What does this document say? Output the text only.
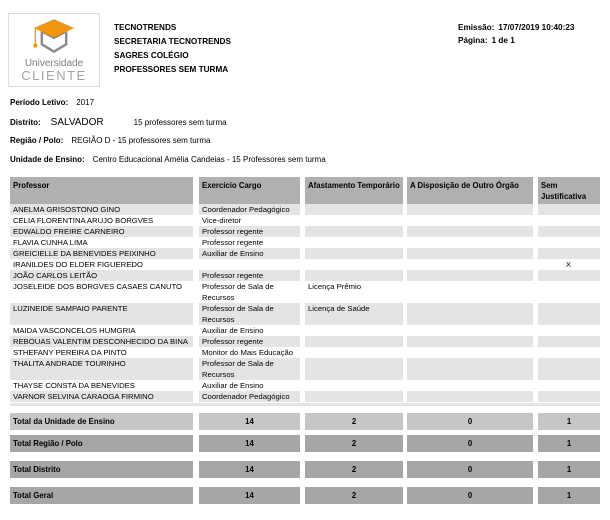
Universidade
CLIENTE
TECNOTRENDS
SECRETARIA TECNOTRENDS
SAGRES COLÉGIO
PROFESSORES SEM TURMA
Emissão: 17/07/2019 10:40:23
Página: 1 de 1
Período Letivo: 2017
Distrito: SALVADOR	15 professores sem turma
Região / Polo: REGIÃO D - 15 professores sem turma
Unidade de Ensino: Centro Educacional Amélia Candeias - 15 Professores sem turma
Professor	Exercício Cargo	Afastamento Temporário	A Disposição de Outro Órgão	Sem Justificativa
ANELMA GRISOSTONO GINO	Coordenador Pedagógico			
CELIA FLORENTINA ARUJO BORGVES	Vice-diretor			
EDWALDO FREIRE CARNEIRO	Professor regente			
FLAVIA CUNHA LIMA	Professor regente			
GREICIELLE DA BENEVIDES PEIXINHO	Auxiliar de Ensino			
IRANILDES DO ELDER FIGUEREDO				X
JOÃO CARLOS LEITÃO	Professor regente			
JOSELEIDE DOS BORGVES CASAES CANUTO	Professor de Sala de Recursos	Licença Prêmio		
LUZINEIDE SAMPAIO PARENTE	Professor de Sala de Recursos	Licença de Saúde		
MAIDA VASCONCELOS HUMGRIA	Auxiliar de Ensino			
REBOUAS VALENTIM DESCONHECIDO DA BINA	Professor regente			
STHEFANY PEREIRA DA PINTO	Monitor do Mais Educação			
THALITA ANDRADE TOURINHO	Professor de Sala de Recursos			
THAYSE CONSTA DA BENEVIDES	Auxiliar de Ensino			
VARNOR SELVINA CARAOGA FIRMINO	Coordenador Pedagógico			
Total da Unidade de Ensino	14	2	0	1
Total Região / Polo	14	2	0	1
Total Distrito	14	2	0	1
Total Geral	14	2	0	1
